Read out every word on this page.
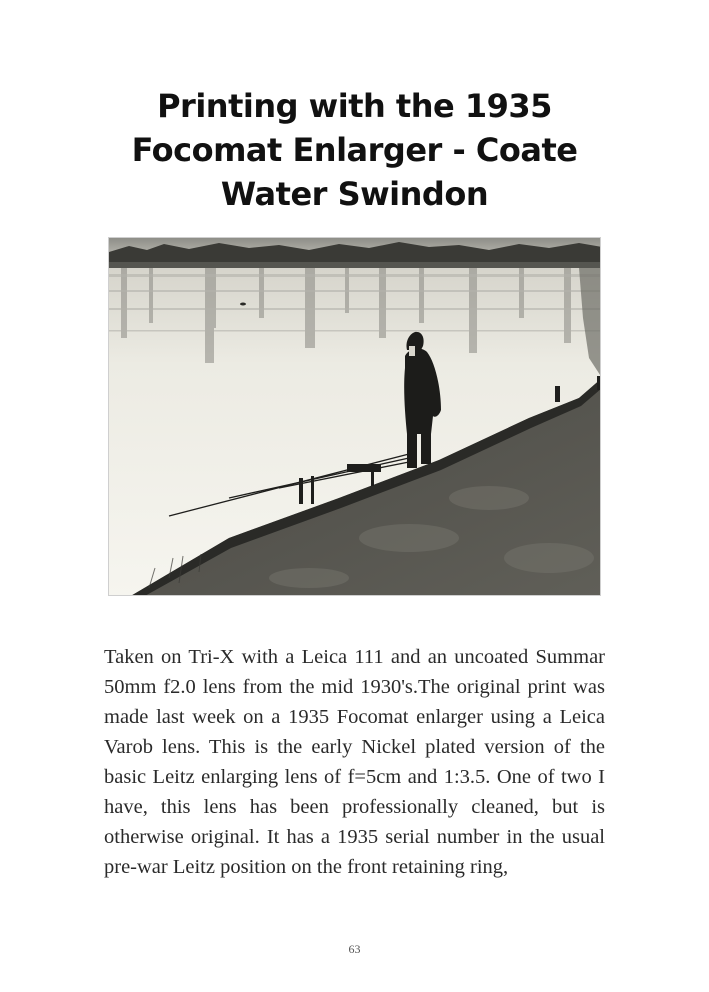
Printing with the 1935 Focomat Enlarger - Coate Water Swindon

Taken on Tri-X with a Leica 111 and an uncoated Summar 50mm f2.0 lens from the mid 1930's.The original print was made last week on a 1935 Focomat enlarger using a Leica Varob lens. This is the early Nickel plated version of the basic Leitz enlarging lens of f=5cm and 1:3.5. One of two I have, this lens has been professionally cleaned, but is otherwise original. It has a 1935 serial number in the usual pre-war Leitz position on the front retaining ring,

63
